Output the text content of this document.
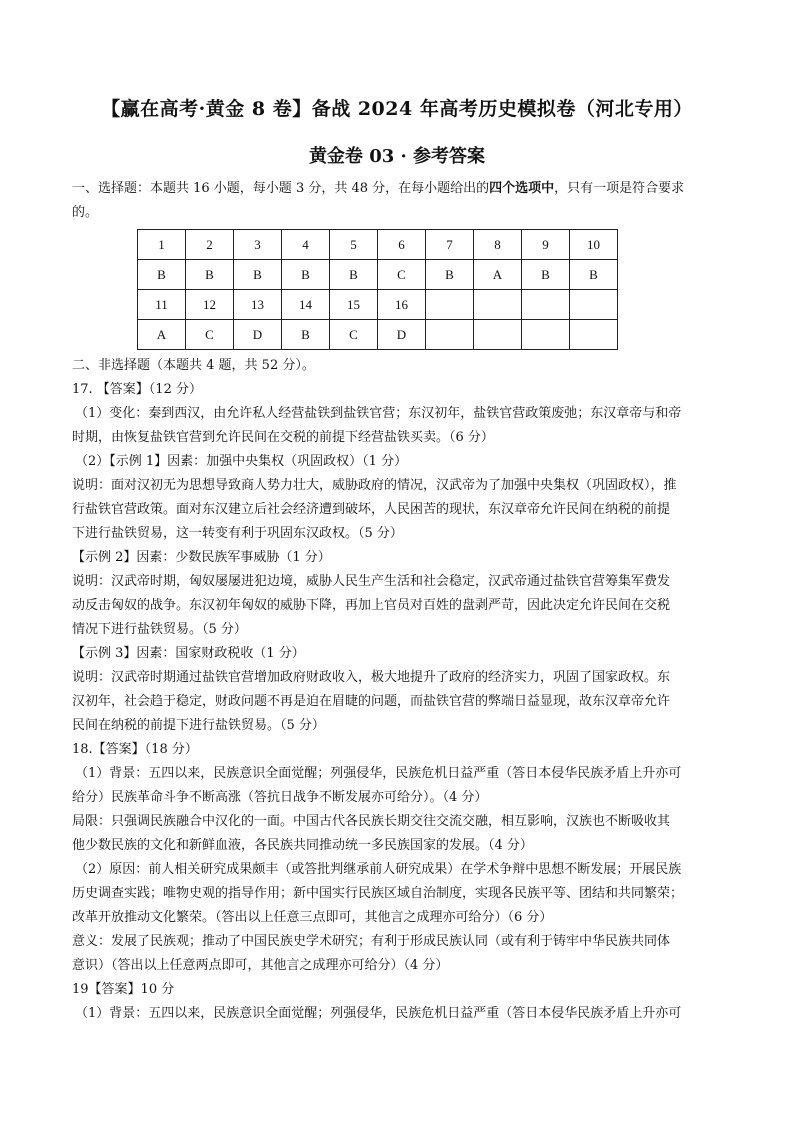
【赢在高考·黄金 8 卷】备战 2024 年高考历史模拟卷（河北专用）
黄金卷 03 · 参考答案

一、选择题：本题共 16 小题，每小题 3 分，共 48 分，在每小题给出的四个选项中，只有一项是符合要求

的。

1	2	3	4	5	6	7	8	9	10
B	B	B	B	B	C	B	A	B	B
11	12	13	14	15	16				
A	C	D	B	C	D				

二、非选择题（本题共 4 题，共 52 分）。

17. 【答案】（12 分）

（1）变化：秦到西汉，由允许私人经营盐铁到盐铁官营；东汉初年，盐铁官营政策废弛；东汉章帝与和帝

时期，由恢复盐铁官营到允许民间在交税的前提下经营盐铁买卖。（6 分）

（2）【示例 1】因素：加强中央集权（巩固政权）（1 分）

说明：面对汉初无为思想导致商人势力壮大，威胁政府的情况，汉武帝为了加强中央集权（巩固政权），推

行盐铁官营政策。面对东汉建立后社会经济遭到破坏，人民困苦的现状，东汉章帝允许民间在纳税的前提

下进行盐铁贸易，这一转变有利于巩固东汉政权。（5 分）

【示例 2】因素：少数民族军事威胁（1 分）

说明：汉武帝时期，匈奴屡屡进犯边境，威胁人民生产生活和社会稳定，汉武帝通过盐铁官营筹集军费发

动反击匈奴的战争。东汉初年匈奴的威胁下降，再加上官员对百姓的盘剥严苛，因此决定允许民间在交税

情况下进行盐铁贸易。（5 分）

【示例 3】因素：国家财政税收（1 分）

说明：汉武帝时期通过盐铁官营增加政府财政收入，极大地提升了政府的经济实力，巩固了国家政权。东

汉初年，社会趋于稳定，财政问题不再是迫在眉睫的问题，而盐铁官营的弊端日益显现，故东汉章帝允许

民间在纳税的前提下进行盐铁贸易。（5 分）

18.【答案】（18 分）

（1）背景：五四以来，民族意识全面觉醒；列强侵华，民族危机日益严重（答日本侵华民族矛盾上升亦可

给分）民族革命斗争不断高涨（答抗日战争不断发展亦可给分）。（4 分）

局限：只强调民族融合中汉化的一面。中国古代各民族长期交往交流交融，相互影响，汉族也不断吸收其

他少数民族的文化和新鲜血液，各民族共同推动统一多民族国家的发展。（4 分）

（2）原因：前人相关研究成果颇丰（或答批判继承前人研究成果）在学术争辩中思想不断发展；开展民族

历史调查实践；唯物史观的指导作用；新中国实行民族区域自治制度，实现各民族平等、团结和共同繁荣；

改革开放推动文化繁荣。（答出以上任意三点即可，其他言之成理亦可给分）（6 分）

意义：发展了民族观；推动了中国民族史学术研究；有利于形成民族认同（或有利于铸牢中华民族共同体

意识）（答出以上任意两点即可，其他言之成理亦可给分）（4 分）

19【答案】10 分

（1）背景：五四以来，民族意识全面觉醒；列强侵华，民族危机日益严重（答日本侵华民族矛盾上升亦可
